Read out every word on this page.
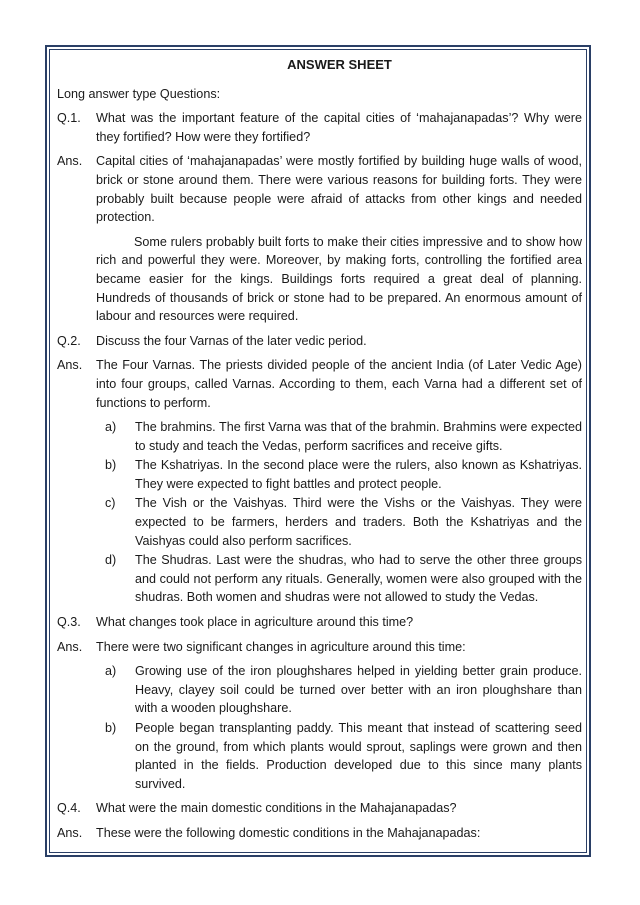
ANSWER SHEET
Long answer type Questions:
Q.1.	What was the important feature of the capital cities of ‘mahajanapadas’? Why were they fortified? How were they fortified?
Ans.	Capital cities of ‘mahajanapadas’ were mostly fortified by building huge walls of wood, brick or stone around them. There were various reasons for building forts. They were probably built because people were afraid of attacks from other kings and needed protection.
Some rulers probably built forts to make their cities impressive and to show how rich and powerful they were. Moreover, by making forts, controlling the fortified area became easier for the kings. Buildings forts required a great deal of planning. Hundreds of thousands of brick or stone had to be prepared. An enormous amount of labour and resources were required.
Q.2.	Discuss the four Varnas of the later vedic period.
Ans.	The Four Varnas. The priests divided people of the ancient India (of Later Vedic Age) into four groups, called Varnas. According to them, each Varna had a different set of functions to perform.
a)	The brahmins. The first Varna was that of the brahmin. Brahmins were expected to study and teach the Vedas, perform sacrifices and receive gifts.
b)	The Kshatriyas. In the second place were the rulers, also known as Kshatriyas. They were expected to fight battles and protect people.
c)	The Vish or the Vaishyas. Third were the Vishs or the Vaishyas. They were expected to be farmers, herders and traders. Both the Kshatriyas and the Vaishyas could also perform sacrifices.
d)	The Shudras. Last were the shudras, who had to serve the other three groups and could not perform any rituals. Generally, women were also grouped with the shudras. Both women and shudras were not allowed to study the Vedas.
Q.3.	What changes took place in agriculture around this time?
Ans.	There were two significant changes in agriculture around this time:
a)	Growing use of the iron ploughshares helped in yielding better grain produce. Heavy, clayey soil could be turned over better with an iron ploughshare than with a wooden ploughshare.
b)	People began transplanting paddy. This meant that instead of scattering seed on the ground, from which plants would sprout, saplings were grown and then planted in the fields. Production developed due to this since many plants survived.
Q.4.	What were the main domestic conditions in the Mahajanapadas?
Ans.	These were the following domestic conditions in the Mahajanapadas:
